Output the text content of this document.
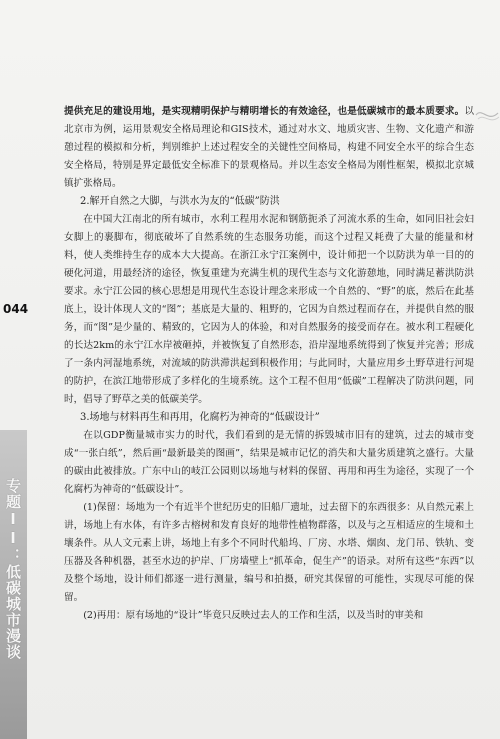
专题II：低碳城市漫谈
044

提供充足的建设用地，是实现精明保护与精明增长的有效途径，也是低碳城市的最本质要求。以北京市为例，运用景观安全格局理论和GIS技术，通过对水文、地质灾害、生物、文化遗产和游憩过程的模拟和分析，判别维护上述过程安全的关键性空间格局，构建不同安全水平的综合生态安全格局，特别是界定最低安全标准下的景观格局。并以生态安全格局为刚性框架，模拟北京城镇扩张格局。

2.解开自然之大脚，与洪水为友的“低碳”防洪

在中国大江南北的所有城市，水利工程用水泥和钢筋扼杀了河流水系的生命，如同旧社会妇女脚上的裹脚布，彻底破坏了自然系统的生态服务功能，而这个过程又耗费了大量的能量和材料，使人类维持生存的成本大大提高。在浙江永宁江案例中，设计师把一个以防洪为单一目的的硬化河道，用最经济的途径，恢复重建为充满生机的现代生态与文化游憩地，同时满足蓄洪防洪要求。永宁江公园的核心思想是用现代生态设计理念来形成一个自然的、“野”的底，然后在此基底上，设计体现人文的“图”；基底是大量的、粗野的，它因为自然过程而存在，并提供自然的服务，而“图”是少量的、精致的，它因为人的体验，和对自然服务的接受而存在。被水利工程硬化的长达2km的永宁江水岸被砸掉，并被恢复了自然形态，沿岸湿地系统得到了恢复并完善；形成了一条内河湿地系统，对流域的防洪滞洪起到积极作用；与此同时，大量应用乡土野草进行河堤的防护，在滨江地带形成了多样化的生境系统。这个工程不但用“低碳”工程解决了防洪问题，同时，倡导了野草之美的低碳美学。

3.场地与材料再生和再用，化腐朽为神奇的“低碳设计”

在以GDP衡量城市实力的时代，我们看到的是无情的拆毁城市旧有的建筑，过去的城市变成“一张白纸”，然后画“最新最美的图画”，结果是城市记忆的消失和大量劣质建筑之盛行。大量的碳由此被排放。广东中山的岐江公园则以场地与材料的保留、再用和再生为途径，实现了一个化腐朽为神奇的“低碳设计”。

(1)保留：场地为一个有近半个世纪历史的旧船厂遗址，过去留下的东西很多：从自然元素上讲，场地上有水体，有许多古榕树和发育良好的地带性植物群落，以及与之互相适应的生境和土壤条件。从人文元素上讲，场地上有多个不同时代船坞、厂房、水塔、烟囱、龙门吊、铁轨、变压器及各种机器，甚至水边的护岸、厂房墙壁上“抓革命，促生产”的语录。对所有这些“东西”以及整个场地，设计师们都逐一进行测量，编号和拍摄，研究其保留的可能性，实现尽可能的保留。

(2)再用：原有场地的“设计”毕竟只反映过去人的工作和生活，以及当时的审美和
